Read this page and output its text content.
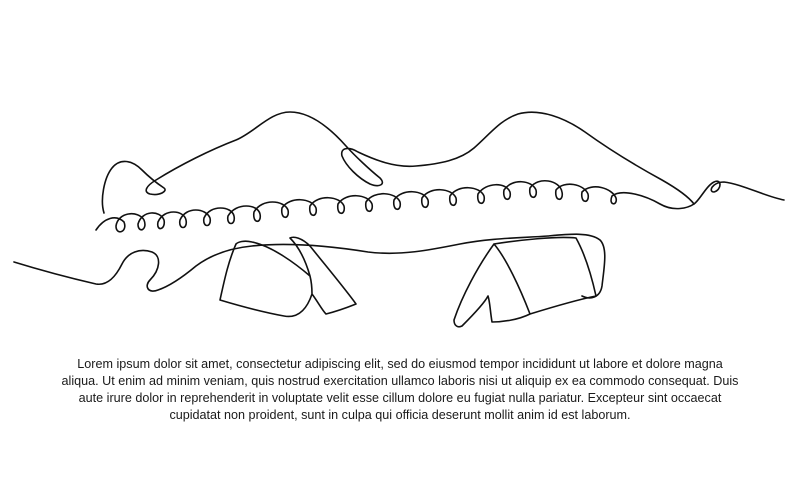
Lorem ipsum dolor sit amet, consectetur adipiscing elit, sed do eiusmod tempor incididunt ut labore et dolore magna aliqua. Ut enim ad minim veniam, quis nostrud exercitation ullamco laboris nisi ut aliquip ex ea commodo consequat. Duis aute irure dolor in reprehenderit in voluptate velit esse cillum dolore eu fugiat nulla pariatur. Excepteur sint occaecat cupidatat non proident, sunt in culpa qui officia deserunt mollit anim id est laborum.
